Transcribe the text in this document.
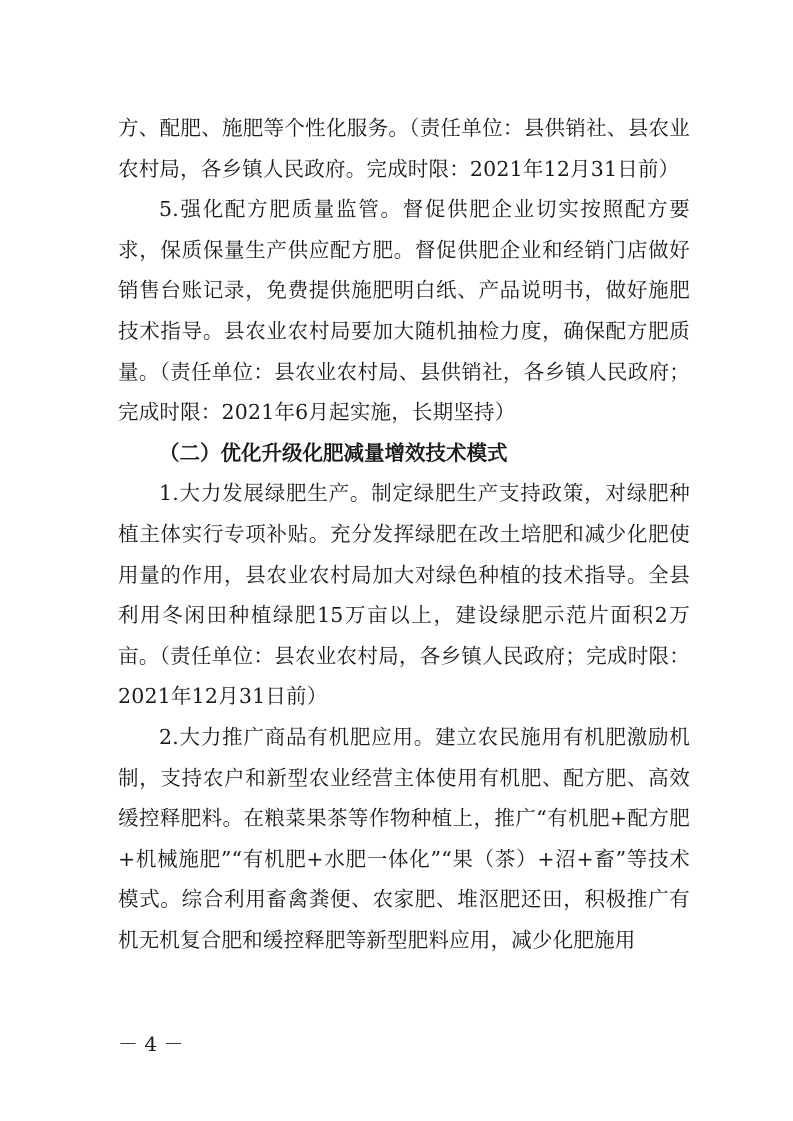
方、配肥、施肥等个性化服务。（责任单位：县供销社、县农业农村局，各乡镇人民政府。完成时限：2021年12月31日前）

5.强化配方肥质量监管。督促供肥企业切实按照配方要求，保质保量生产供应配方肥。督促供肥企业和经销门店做好销售台账记录，免费提供施肥明白纸、产品说明书，做好施肥技术指导。县农业农村局要加大随机抽检力度，确保配方肥质量。（责任单位：县农业农村局、县供销社，各乡镇人民政府；完成时限：2021年6月起实施，长期坚持）

（二）优化升级化肥减量增效技术模式

1.大力发展绿肥生产。制定绿肥生产支持政策，对绿肥种植主体实行专项补贴。充分发挥绿肥在改土培肥和减少化肥使用量的作用，县农业农村局加大对绿色种植的技术指导。全县利用冬闲田种植绿肥15万亩以上，建设绿肥示范片面积2万亩。（责任单位：县农业农村局，各乡镇人民政府；完成时限：2021年12月31日前）

2.大力推广商品有机肥应用。建立农民施用有机肥激励机制，支持农户和新型农业经营主体使用有机肥、配方肥、高效缓控释肥料。在粮菜果茶等作物种植上，推广“有机肥+配方肥+机械施肥”“有机肥+水肥一体化”“果（茶）+沼+畜”等技术模式。综合利用畜禽粪便、农家肥、堆沤肥还田，积极推广有机无机复合肥和缓控释肥等新型肥料应用，减少化肥施用

－ 4 －
